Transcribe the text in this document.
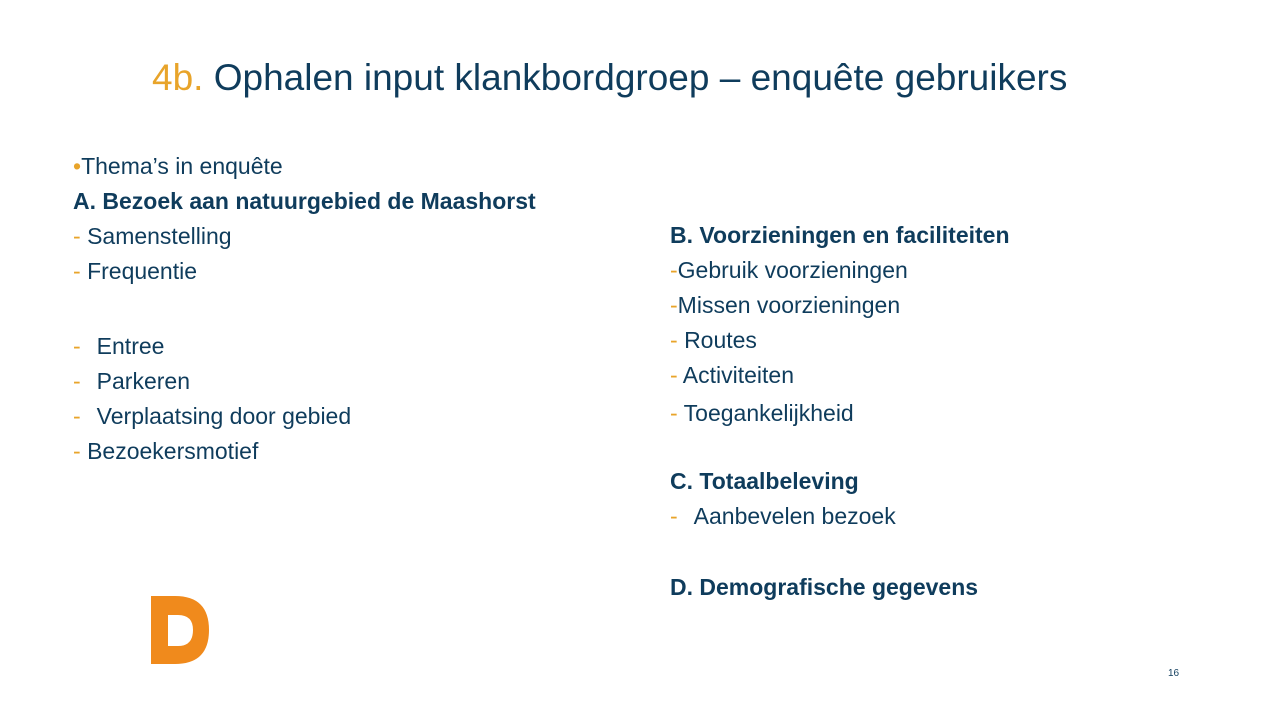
4b. Ophalen input klankbordgroep – enquête gebruikers
•Thema’s in enquête
A. Bezoek aan natuurgebied de Maashorst
- Samenstelling
- Frequentie
- Entree
- Parkeren
- Verplaatsing door gebied
- Bezoekersmotief
B. Voorzieningen en faciliteiten
-Gebruik voorzieningen
-Missen voorzieningen
- Routes
- Activiteiten
- Toegankelijkheid
C. Totaalbeleving
- Aanbevelen bezoek
D. Demografische gegevens
16
